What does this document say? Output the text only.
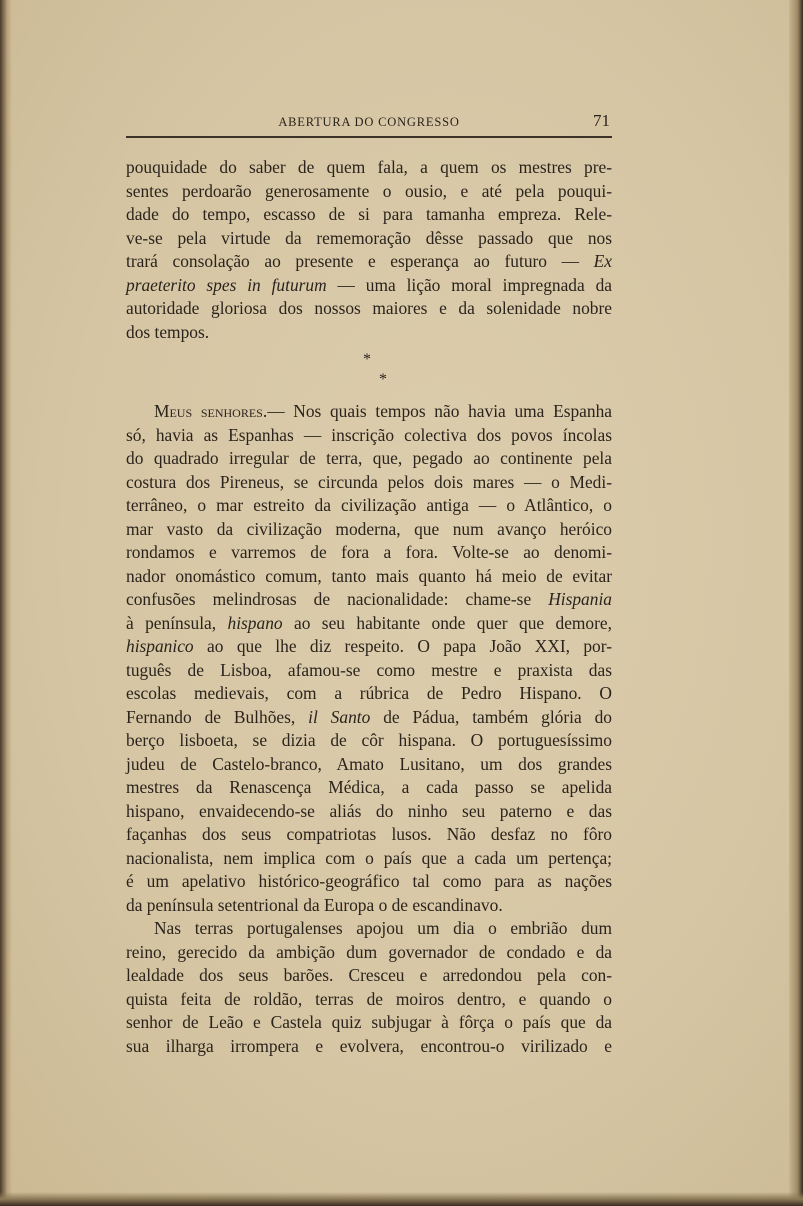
ABERTURA DO CONGRESSO	71
pouquidade do saber de quem fala, a quem os mestres pre-
sentes perdoarão generosamente o ousio, e até pela pouqui-
dade do tempo, escasso de si para tamanha empreza. Rele-
ve-se pela virtude da rememoração dêsse passado que nos
trará consolação ao presente e esperança ao futuro — Ex
praeterito spes in futurum — uma lição moral impregnada da
autoridade gloriosa dos nossos maiores e da solenidade nobre
dos tempos.
*
*
Meus senhores.— Nos quais tempos não havia uma Espanha
só, havia as Espanhas — inscrição colectiva dos povos íncolas
do quadrado irregular de terra, que, pegado ao continente pela
costura dos Pireneus, se circunda pelos dois mares — o Medi-
terrâneo, o mar estreito da civilização antiga — o Atlântico, o
mar vasto da civilização moderna, que num avanço heróico
rondamos e varremos de fora a fora. Volte-se ao denomi-
nador onomástico comum, tanto mais quanto há meio de evitar
confusões melindrosas de nacionalidade: chame-se Hispania
à península, hispano ao seu habitante onde quer que demore,
hispanico ao que lhe diz respeito. O papa João XXI, por-
tuguês de Lisboa, afamou-se como mestre e praxista das
escolas medievais, com a rúbrica de Pedro Hispano. O
Fernando de Bulhões, il Santo de Pádua, também glória do
berço lisboeta, se dizia de côr hispana. O portuguesíssimo
judeu de Castelo-branco, Amato Lusitano, um dos grandes
mestres da Renascença Médica, a cada passo se apelida
hispano, envaidecendo-se aliás do ninho seu paterno e das
façanhas dos seus compatriotas lusos. Não desfaz no fôro
nacionalista, nem implica com o país que a cada um pertença;
é um apelativo histórico-geográfico tal como para as nações
da península setentrional da Europa o de escandinavo.
Nas terras portugalenses apojou um dia o embrião dum
reino, gerecido da ambição dum governador de condado e da
lealdade dos seus barões. Cresceu e arredondou pela con-
quista feita de roldão, terras de moiros dentro, e quando o
senhor de Leão e Castela quiz subjugar à fôrça o país que da
sua ilharga irrompera e evolvera, encontrou-o virilizado e
